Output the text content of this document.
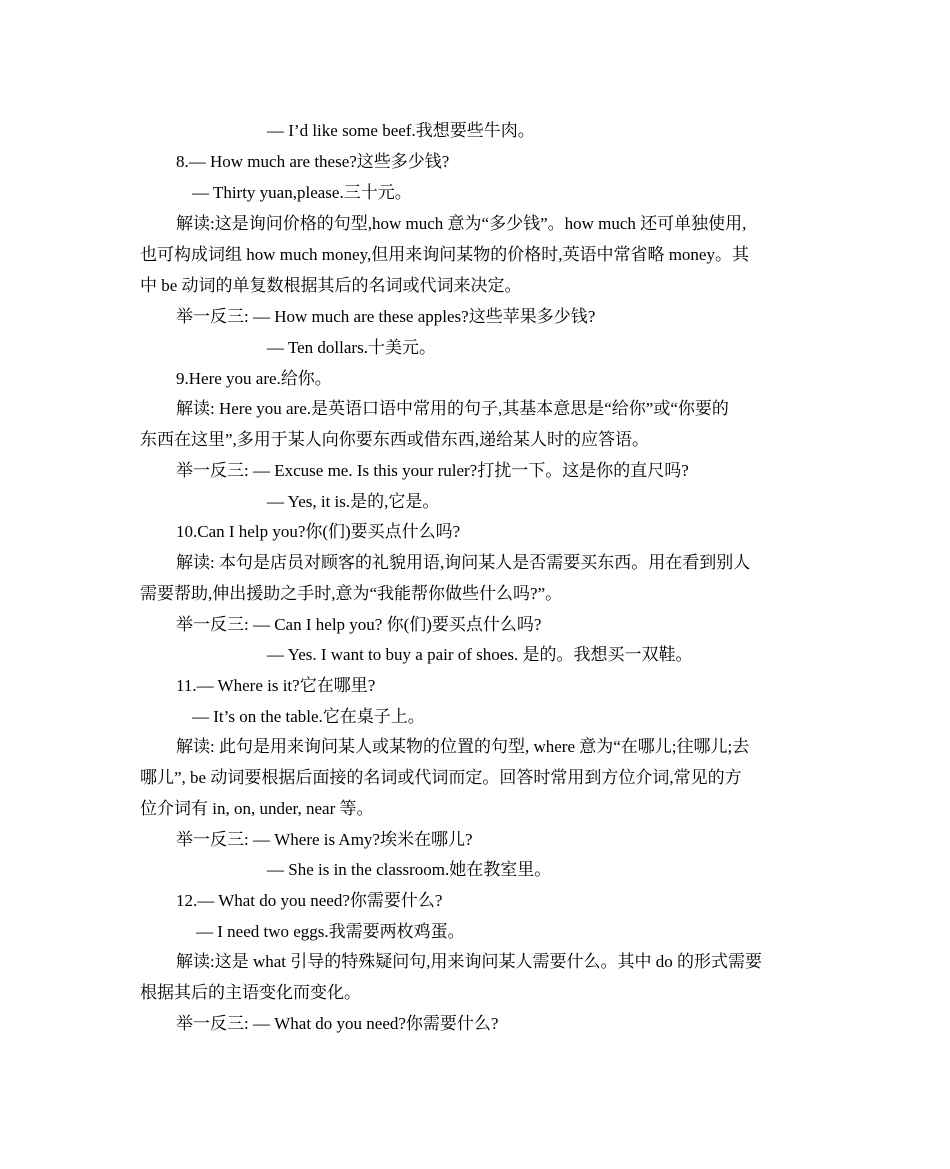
— I’d like some beef.我想要些牛肉。
8.— How much are these?这些多少钱?
— Thirty yuan,please.三十元。
解读:这是询问价格的句型,how much 意为“多少钱”。how much 还可单独使用,
也可构成词组 how much money,但用来询问某物的价格时,英语中常省略 money。其
中 be 动词的单复数根据其后的名词或代词来决定。
举一反三: — How much are these apples?这些苹果多少钱?
— Ten dollars.十美元。
9.Here you are.给你。
解读: Here you are.是英语口语中常用的句子,其基本意思是“给你”或“你要的
东西在这里”,多用于某人向你要东西或借东西,递给某人时的应答语。
举一反三: — Excuse me. Is this your ruler?打扰一下。这是你的直尺吗?
— Yes, it is.是的,它是。
10.Can I help you?你(们)要买点什么吗?
解读: 本句是店员对顾客的礼貌用语,询问某人是否需要买东西。用在看到别人
需要帮助,伸出援助之手时,意为“我能帮你做些什么吗?”。
举一反三: — Can I help you? 你(们)要买点什么吗?
— Yes. I want to buy a pair of shoes. 是的。我想买一双鞋。
11.— Where is it?它在哪里?
— It’s on the table.它在桌子上。
解读: 此句是用来询问某人或某物的位置的句型, where 意为“在哪儿;往哪儿;去
哪儿”, be 动词要根据后面接的名词或代词而定。回答时常用到方位介词,常见的方
位介词有 in, on, under, near 等。
举一反三: — Where is Amy?埃米在哪儿?
— She is in the classroom.她在教室里。
12.— What do you need?你需要什么?
— I need two eggs.我需要两枚鸡蛋。
解读:这是 what 引导的特殊疑问句,用来询问某人需要什么。其中 do 的形式需要
根据其后的主语变化而变化。
举一反三: — What do you need?你需要什么?
